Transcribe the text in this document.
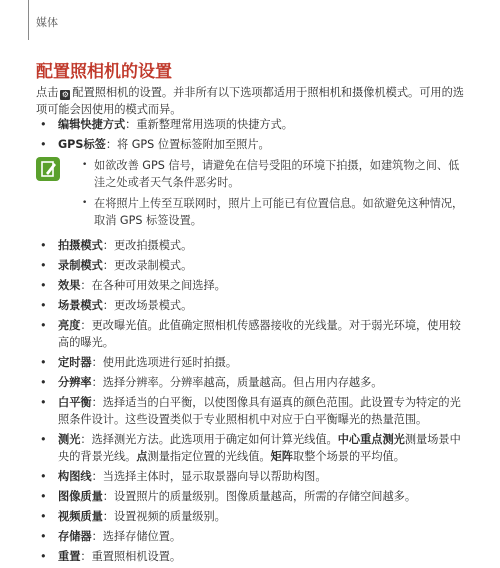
媒体
配置照相机的设置

点击 ⚙ 配置照相机的设置。并非所有以下选项都适用于照相机和摄像机模式。可用的选项可能会因使用的模式而异。

• 编辑快捷方式：重新整理常用选项的快捷方式。
• GPS标签：将 GPS 位置标签附加至照片。
• 如欲改善 GPS 信号，请避免在信号受阻的环境下拍摄，如建筑物之间、低洼之处或者天气条件恶劣时。
• 在将照片上传至互联网时，照片上可能已有位置信息。如欲避免这种情况，取消 GPS 标签设置。
• 拍摄模式：更改拍摄模式。
• 录制模式：更改录制模式。
• 效果：在各种可用效果之间选择。
• 场景模式：更改场景模式。
• 亮度：更改曝光值。此值确定照相机传感器接收的光线量。对于弱光环境，使用较高的曝光。
• 定时器：使用此选项进行延时拍摄。
• 分辨率：选择分辨率。分辨率越高，质量越高。但占用内存越多。
• 白平衡：选择适当的白平衡，以使图像具有逼真的颜色范围。此设置专为特定的光照条件设计。这些设置类似于专业照相机中对应于白平衡曝光的热量范围。
• 测光：选择测光方法。此选项用于确定如何计算光线值。中心重点测光测量场景中央的背景光线。点测量指定位置的光线值。矩阵取整个场景的平均值。
• 构图线：当选择主体时，显示取景器向导以帮助构图。
• 图像质量：设置照片的质量级别。图像质量越高，所需的存储空间越多。
• 视频质量：设置视频的质量级别。
• 存储器：选择存储位置。
• 重置：重置照相机设置。
